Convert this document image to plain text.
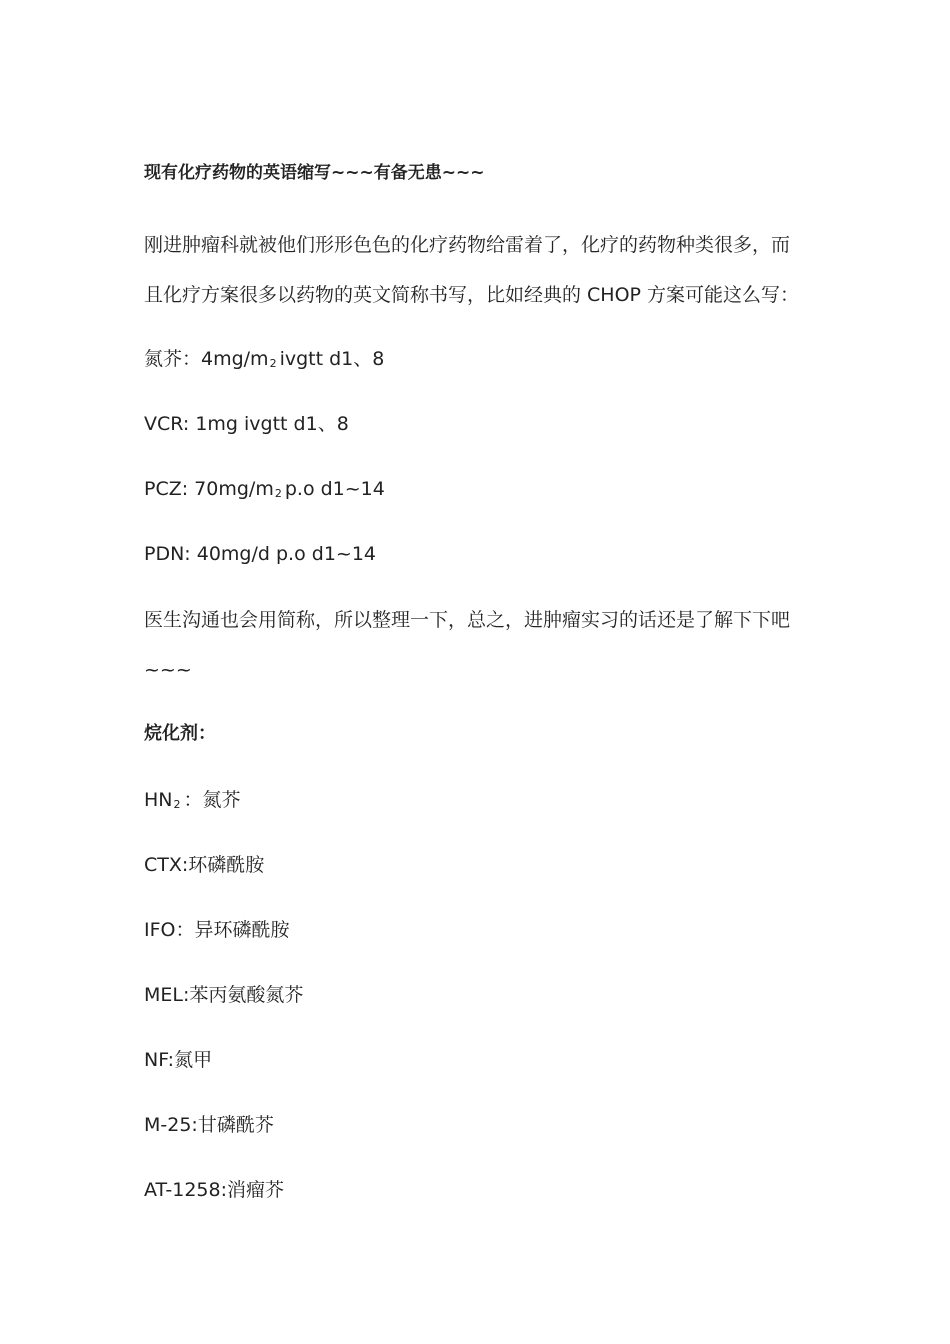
现有化疗药物的英语缩写~~~有备无患~~~
刚进肿瘤科就被他们形形色色的化疗药物给雷着了，化疗的药物种类很多，而
且化疗方案很多以药物的英文简称书写，比如经典的 CHOP 方案可能这么写：
氮芥：$4mg/m_2$ ivgtt d1、8
VCR: 1mg ivgtt d1、8
PCZ: $70mg/m_2$ p.o d1~14
PDN: 40mg/d p.o d1~14
医生沟通也会用简称，所以整理一下，总之，进肿瘤实习的话还是了解下下吧
~~~
烷化剂：
$HN_2$ ：氮芥
CTX:环磷酰胺
IFO：异环磷酰胺
MEL:苯丙氨酸氮芥
NF:氮甲
M-25:甘磷酰芥
AT-1258:消瘤芥
